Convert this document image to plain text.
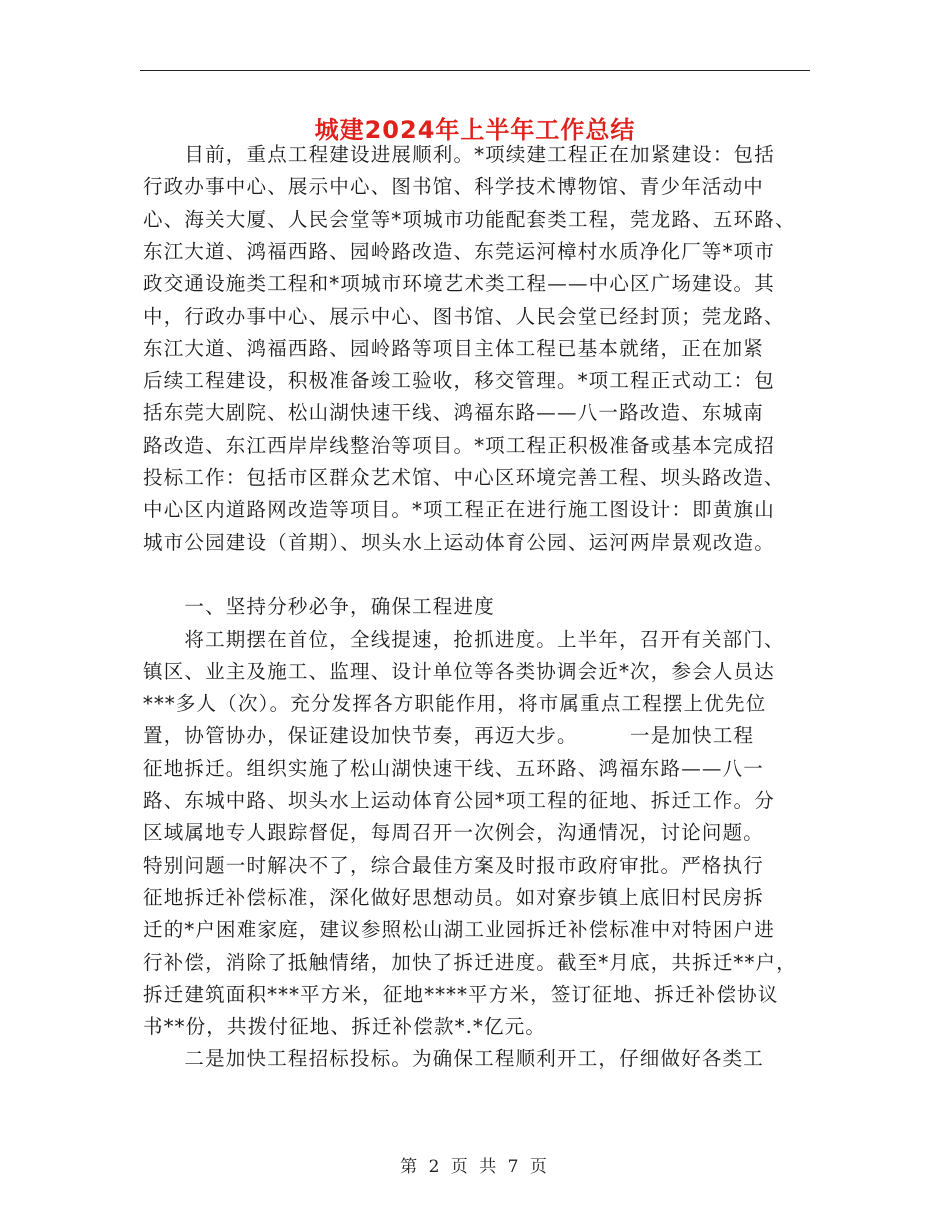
城建2024年上半年工作总结
　　目前，重点工程建设进展顺利。*项续建工程正在加紧建设：包括
行政办事中心、展示中心、图书馆、科学技术博物馆、青少年活动中
心、海关大厦、人民会堂等*项城市功能配套类工程，莞龙路、五环路、
东江大道、鸿福西路、园岭路改造、东莞运河樟村水质净化厂等*项市
政交通设施类工程和*项城市环境艺术类工程——中心区广场建设。其
中，行政办事中心、展示中心、图书馆、人民会堂已经封顶；莞龙路、
东江大道、鸿福西路、园岭路等项目主体工程已基本就绪，正在加紧
后续工程建设，积极准备竣工验收，移交管理。*项工程正式动工：包
括东莞大剧院、松山湖快速干线、鸿福东路——八一路改造、东城南
路改造、东江西岸岸线整治等项目。*项工程正积极准备或基本完成招
投标工作：包括市区群众艺术馆、中心区环境完善工程、坝头路改造、
中心区内道路网改造等项目。*项工程正在进行施工图设计：即黄旗山
城市公园建设（首期）、坝头水上运动体育公园、运河两岸景观改造。
　　一、坚持分秒必争，确保工程进度
　　将工期摆在首位，全线提速，抢抓进度。上半年，召开有关部门、
镇区、业主及施工、监理、设计单位等各类协调会近*次，参会人员达
***多人（次）。充分发挥各方职能作用，将市属重点工程摆上优先位
置，协管协办，保证建设加快节奏，再迈大步。　　　一是加快工程
征地拆迁。组织实施了松山湖快速干线、五环路、鸿福东路——八一
路、东城中路、坝头水上运动体育公园*项工程的征地、拆迁工作。分
区域属地专人跟踪督促，每周召开一次例会，沟通情况，讨论问题。
特别问题一时解决不了，综合最佳方案及时报市政府审批。严格执行
征地拆迁补偿标准，深化做好思想动员。如对寮步镇上底旧村民房拆
迁的*户困难家庭，建议参照松山湖工业园拆迁补偿标准中对特困户进
行补偿，消除了抵触情绪，加快了拆迁进度。截至*月底，共拆迁**户，
拆迁建筑面积***平方米，征地****平方米，签订征地、拆迁补偿协议
书**份，共拨付征地、拆迁补偿款*.*亿元。
　　二是加快工程招标投标。为确保工程顺利开工，仔细做好各类工
第 2 页 共 7 页
